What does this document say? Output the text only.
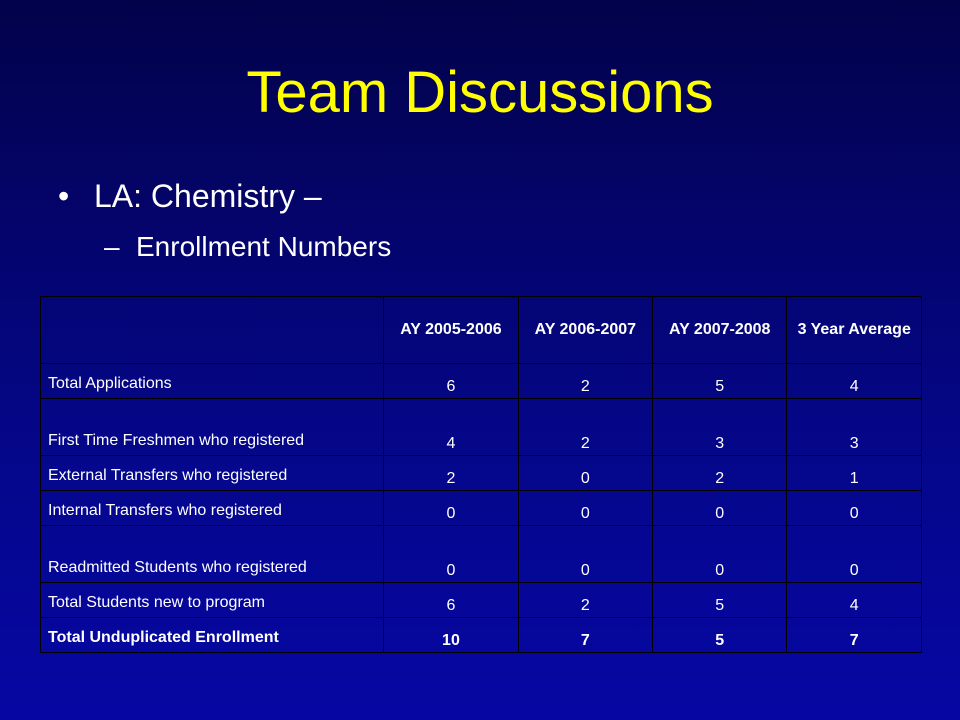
Team Discussions
• LA: Chemistry –
– Enrollment Numbers
	AY 2005-2006	AY 2006-2007	AY 2007-2008	3 Year Average
Total Applications	6	2	5	4
First Time Freshmen who registered	4	2	3	3
External Transfers who registered	2	0	2	1
Internal Transfers who registered	0	0	0	0
Readmitted Students who registered	0	0	0	0
Total Students new to program	6	2	5	4
Total Unduplicated Enrollment	10	7	5	7
